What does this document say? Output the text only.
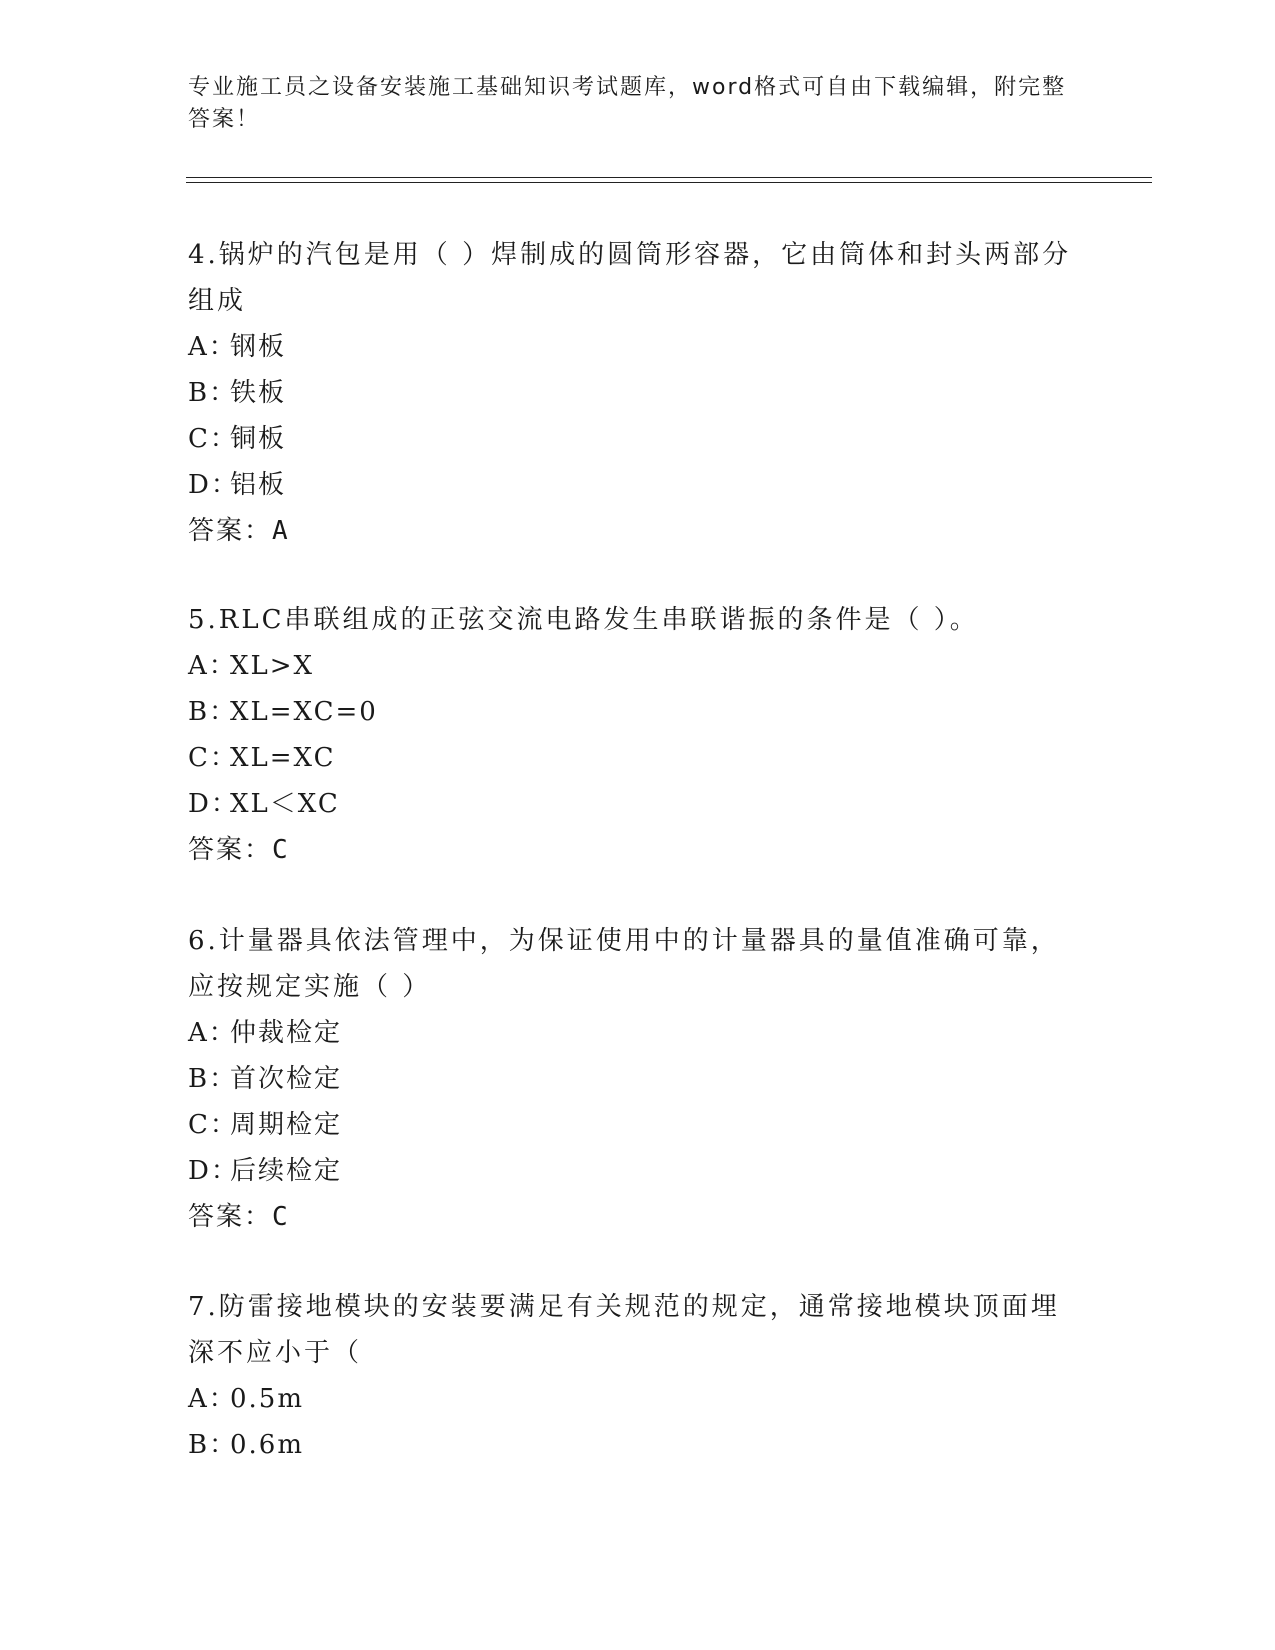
专业施工员之设备安装施工基础知识考试题库，word格式可自由下载编辑，附完整答案！
4.锅炉的汽包是用（ ）焊制成的圆筒形容器，它由筒体和封头两部分组成
A：钢板
B：铁板
C：铜板
D：铝板
答案：A
5.RLC串联组成的正弦交流电路发生串联谐振的条件是（ ）。
A：XL>X
B：XL=XC=0
C：XL=XC
D：XL＜XC
答案：C
6.计量器具依法管理中，为保证使用中的计量器具的量值准确可靠，应按规定实施（ ）
A：仲裁检定
B：首次检定
C：周期检定
D：后续检定
答案：C
7.防雷接地模块的安装要满足有关规范的规定，通常接地模块顶面埋深不应小于（
A：0.5m
B：0.6m
